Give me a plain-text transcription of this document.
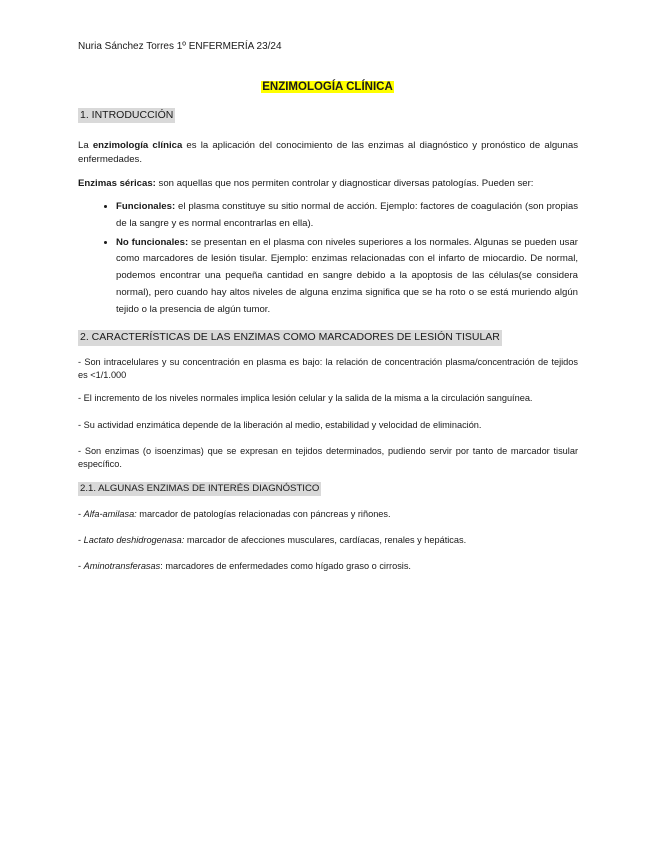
Nuria Sánchez Torres 1º ENFERMERÍA 23/24
ENZIMOLOGÍA CLÍNICA
1. INTRODUCCIÓN

La enzimología clínica es la aplicación del conocimiento de las enzimas al diagnóstico y pronóstico de algunas enfermedades.

Enzimas séricas: son aquellas que nos permiten controlar y diagnosticar diversas patologías. Pueden ser:

• Funcionales: el plasma constituye su sitio normal de acción. Ejemplo: factores de coagulación (son propias de la sangre y es normal encontrarlas en ella).
• No funcionales: se presentan en el plasma con niveles superiores a los normales. Algunas se pueden usar como marcadores de lesión tisular. Ejemplo: enzimas relacionadas con el infarto de miocardio. De normal, podemos encontrar una pequeña cantidad en sangre debido a la apoptosis de las células(se considera normal), pero cuando hay altos niveles de alguna enzima significa que se ha roto o se está muriendo algún tejido o la presencia de algún tumor.
2. CARACTERÍSTICAS DE LAS ENZIMAS COMO MARCADORES DE LESIÓN TISULAR

- Son intracelulares y su concentración en plasma es bajo: la relación de concentración plasma/concentración de tejidos es <1/1.000

- El incremento de los niveles normales implica lesión celular y la salida de la misma a la circulación sanguínea.

- Su actividad enzimática depende de la liberación al medio, estabilidad y velocidad de eliminación.

- Son enzimas (o isoenzimas) que se expresan en tejidos determinados, pudiendo servir por tanto de marcador tisular específico.

2.1. ALGUNAS ENZIMAS DE INTERÉS DIAGNÓSTICO

- Alfa-amilasa: marcador de patologías relacionadas con páncreas y riñones.

- Lactato deshidrogenasa: marcador de afecciones musculares, cardíacas, renales y hepáticas.

- Aminotransferasas: marcadores de enfermedades como hígado graso o cirrosis.
